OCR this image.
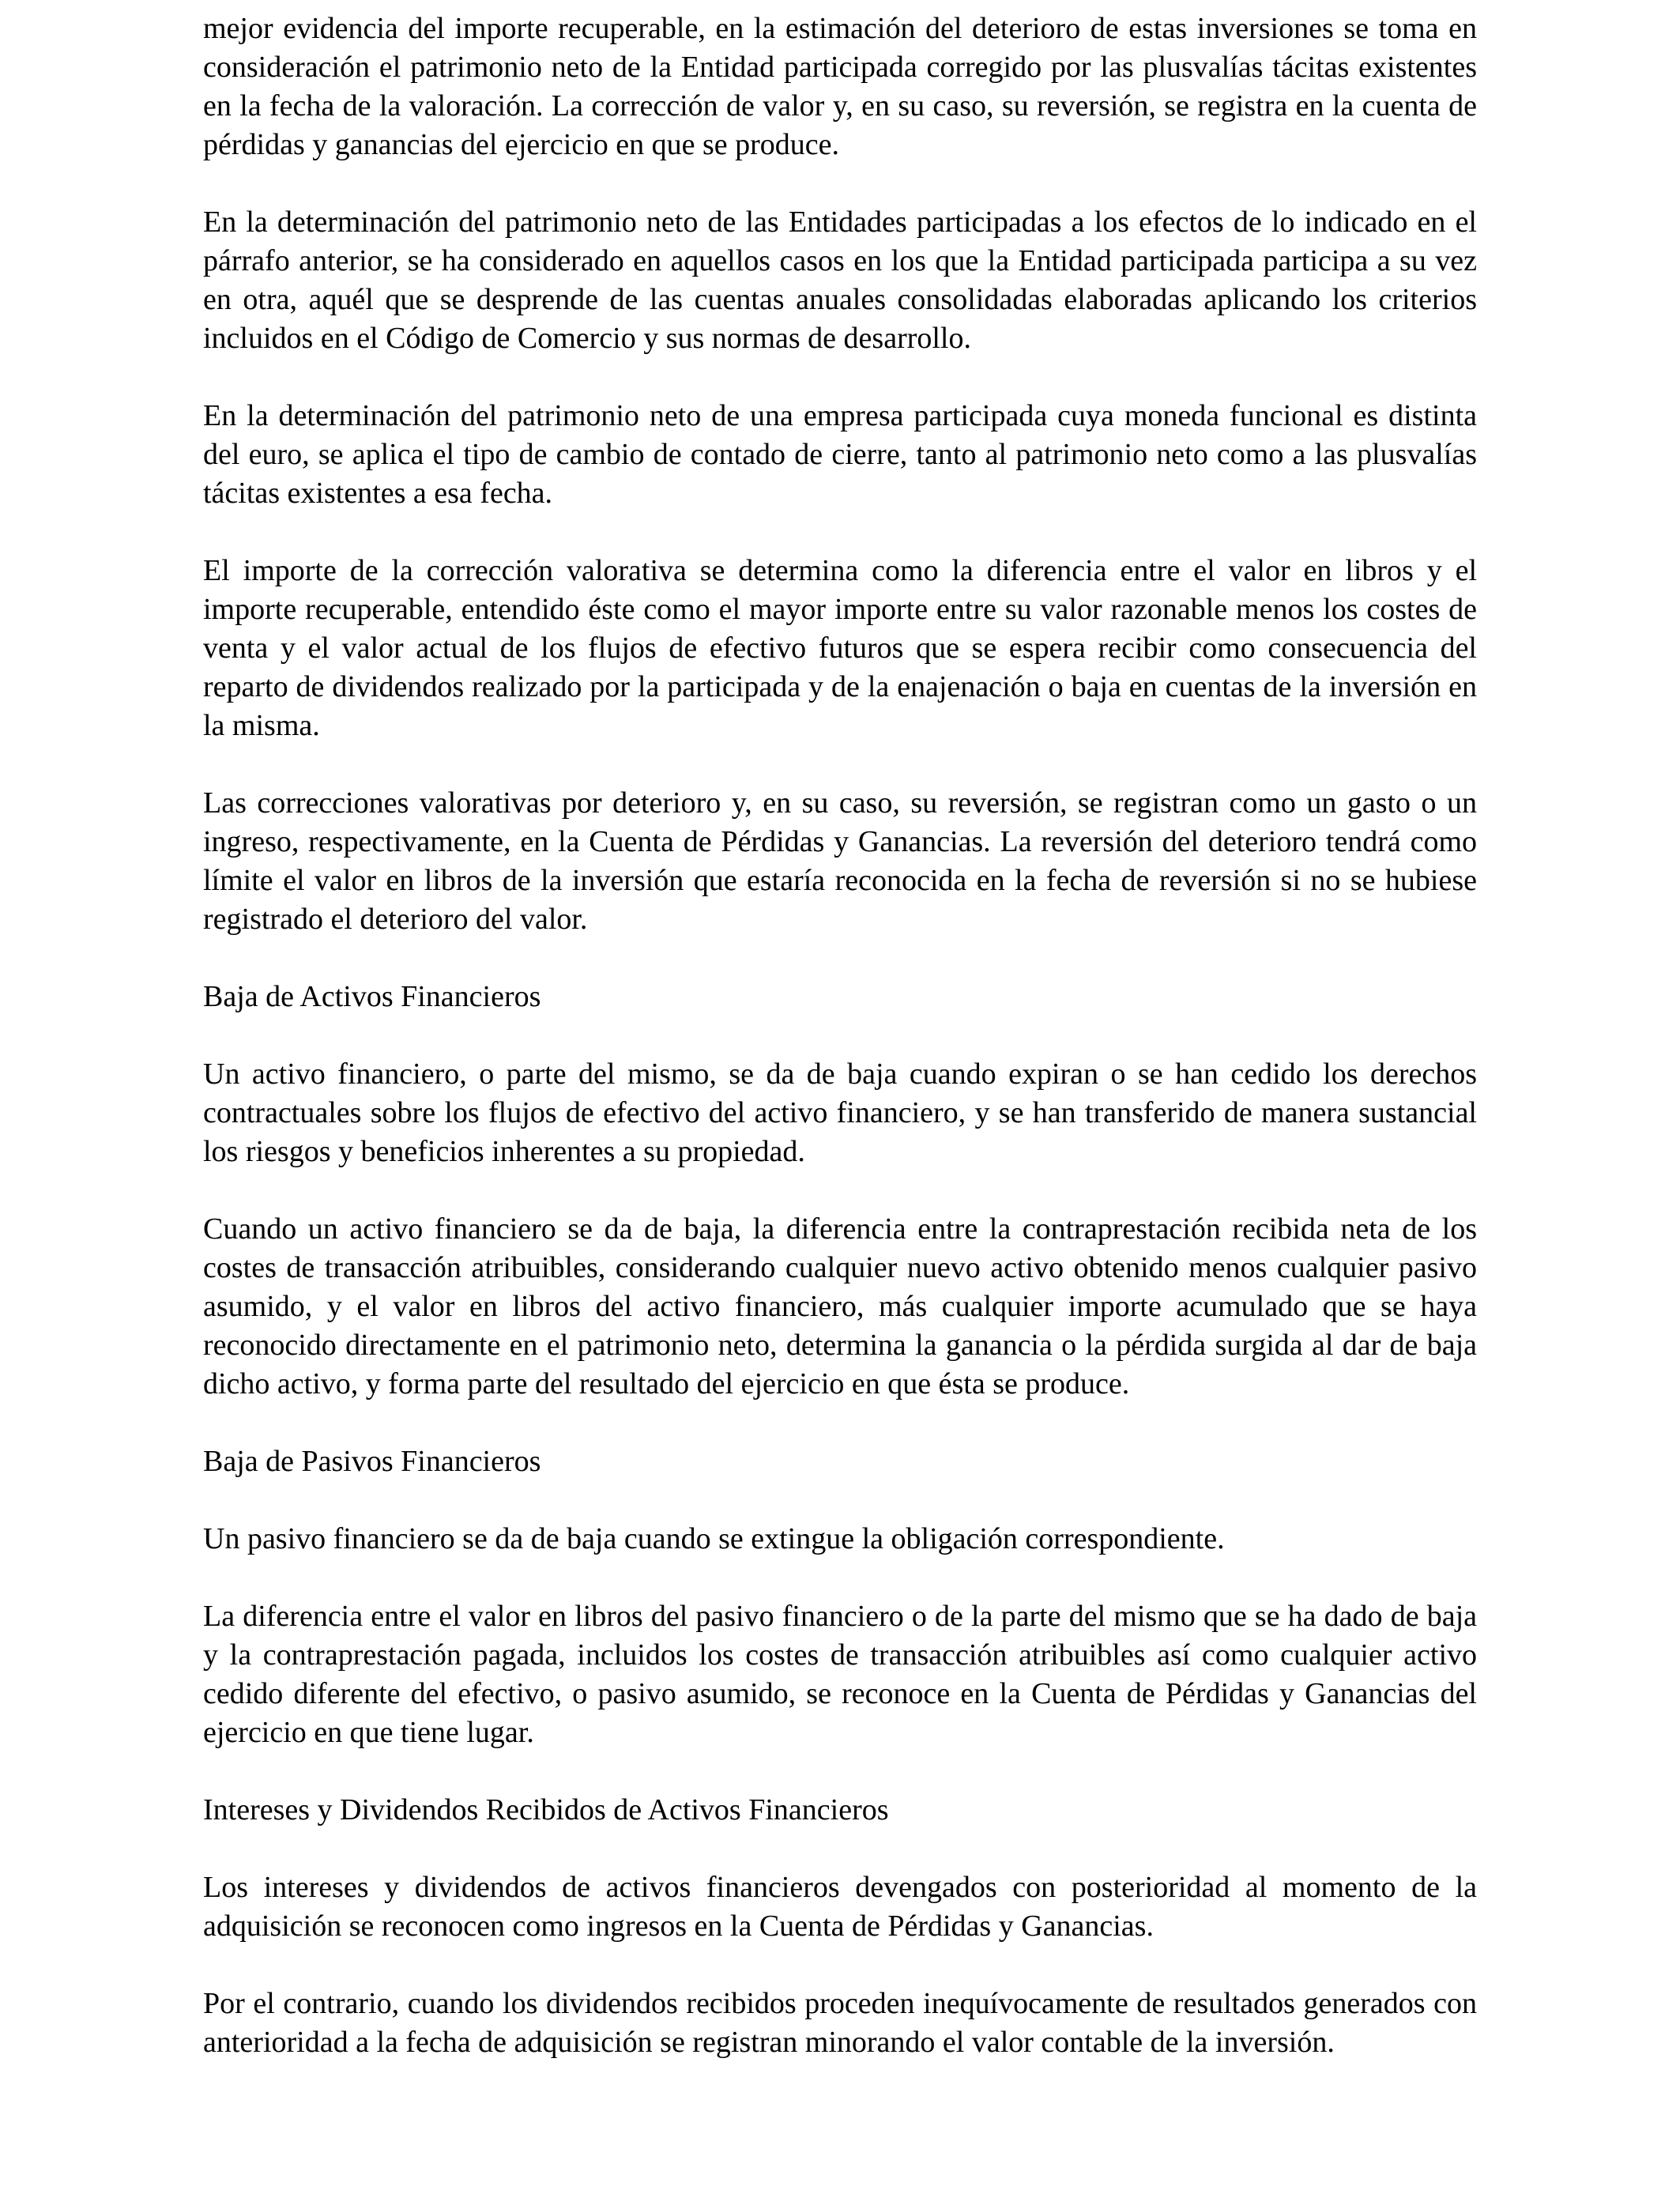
mejor evidencia del importe recuperable, en la estimación del deterioro de estas inversiones se toma en consideración el patrimonio neto de la Entidad participada corregido por las plusvalías tácitas existentes en la fecha de la valoración. La corrección de valor y, en su caso, su reversión, se registra en la cuenta de pérdidas y ganancias del ejercicio en que se produce.

En la determinación del patrimonio neto de las Entidades participadas a los efectos de lo indicado en el párrafo anterior, se ha considerado en aquellos casos en los que la Entidad participada participa a su vez en otra, aquél que se desprende de las cuentas anuales consolidadas elaboradas aplicando los criterios incluidos en el Código de Comercio y sus normas de desarrollo.

En la determinación del patrimonio neto de una empresa participada cuya moneda funcional es distinta del euro, se aplica el tipo de cambio de contado de cierre, tanto al patrimonio neto como a las plusvalías tácitas existentes a esa fecha.

El importe de la corrección valorativa se determina como la diferencia entre el valor en libros y el importe recuperable, entendido éste como el mayor importe entre su valor razonable menos los costes de venta y el valor actual de los flujos de efectivo futuros que se espera recibir como consecuencia del reparto de dividendos realizado por la participada y de la enajenación o baja en cuentas de la inversión en la misma.

Las correcciones valorativas por deterioro y, en su caso, su reversión, se registran como un gasto o un ingreso, respectivamente, en la Cuenta de Pérdidas y Ganancias. La reversión del deterioro tendrá como límite el valor en libros de la inversión que estaría reconocida en la fecha de reversión si no se hubiese registrado el deterioro del valor.

Baja de Activos Financieros

Un activo financiero, o parte del mismo, se da de baja cuando expiran o se han cedido los derechos contractuales sobre los flujos de efectivo del activo financiero, y se han transferido de manera sustancial los riesgos y beneficios inherentes a su propiedad.

Cuando un activo financiero se da de baja, la diferencia entre la contraprestación recibida neta de los costes de transacción atribuibles, considerando cualquier nuevo activo obtenido menos cualquier pasivo asumido, y el valor en libros del activo financiero, más cualquier importe acumulado que se haya reconocido directamente en el patrimonio neto, determina la ganancia o la pérdida surgida al dar de baja dicho activo, y forma parte del resultado del ejercicio en que ésta se produce.

Baja de Pasivos Financieros

Un pasivo financiero se da de baja cuando se extingue la obligación correspondiente.

La diferencia entre el valor en libros del pasivo financiero o de la parte del mismo que se ha dado de baja y la contraprestación pagada, incluidos los costes de transacción atribuibles así como cualquier activo cedido diferente del efectivo, o pasivo asumido, se reconoce en la Cuenta de Pérdidas y Ganancias del ejercicio en que tiene lugar.

Intereses y Dividendos Recibidos de Activos Financieros

Los intereses y dividendos de activos financieros devengados con posterioridad al momento de la adquisición se reconocen como ingresos en la Cuenta de Pérdidas y Ganancias.

Por el contrario, cuando los dividendos recibidos proceden inequívocamente de resultados generados con anterioridad a la fecha de adquisición se registran minorando el valor contable de la inversión.
